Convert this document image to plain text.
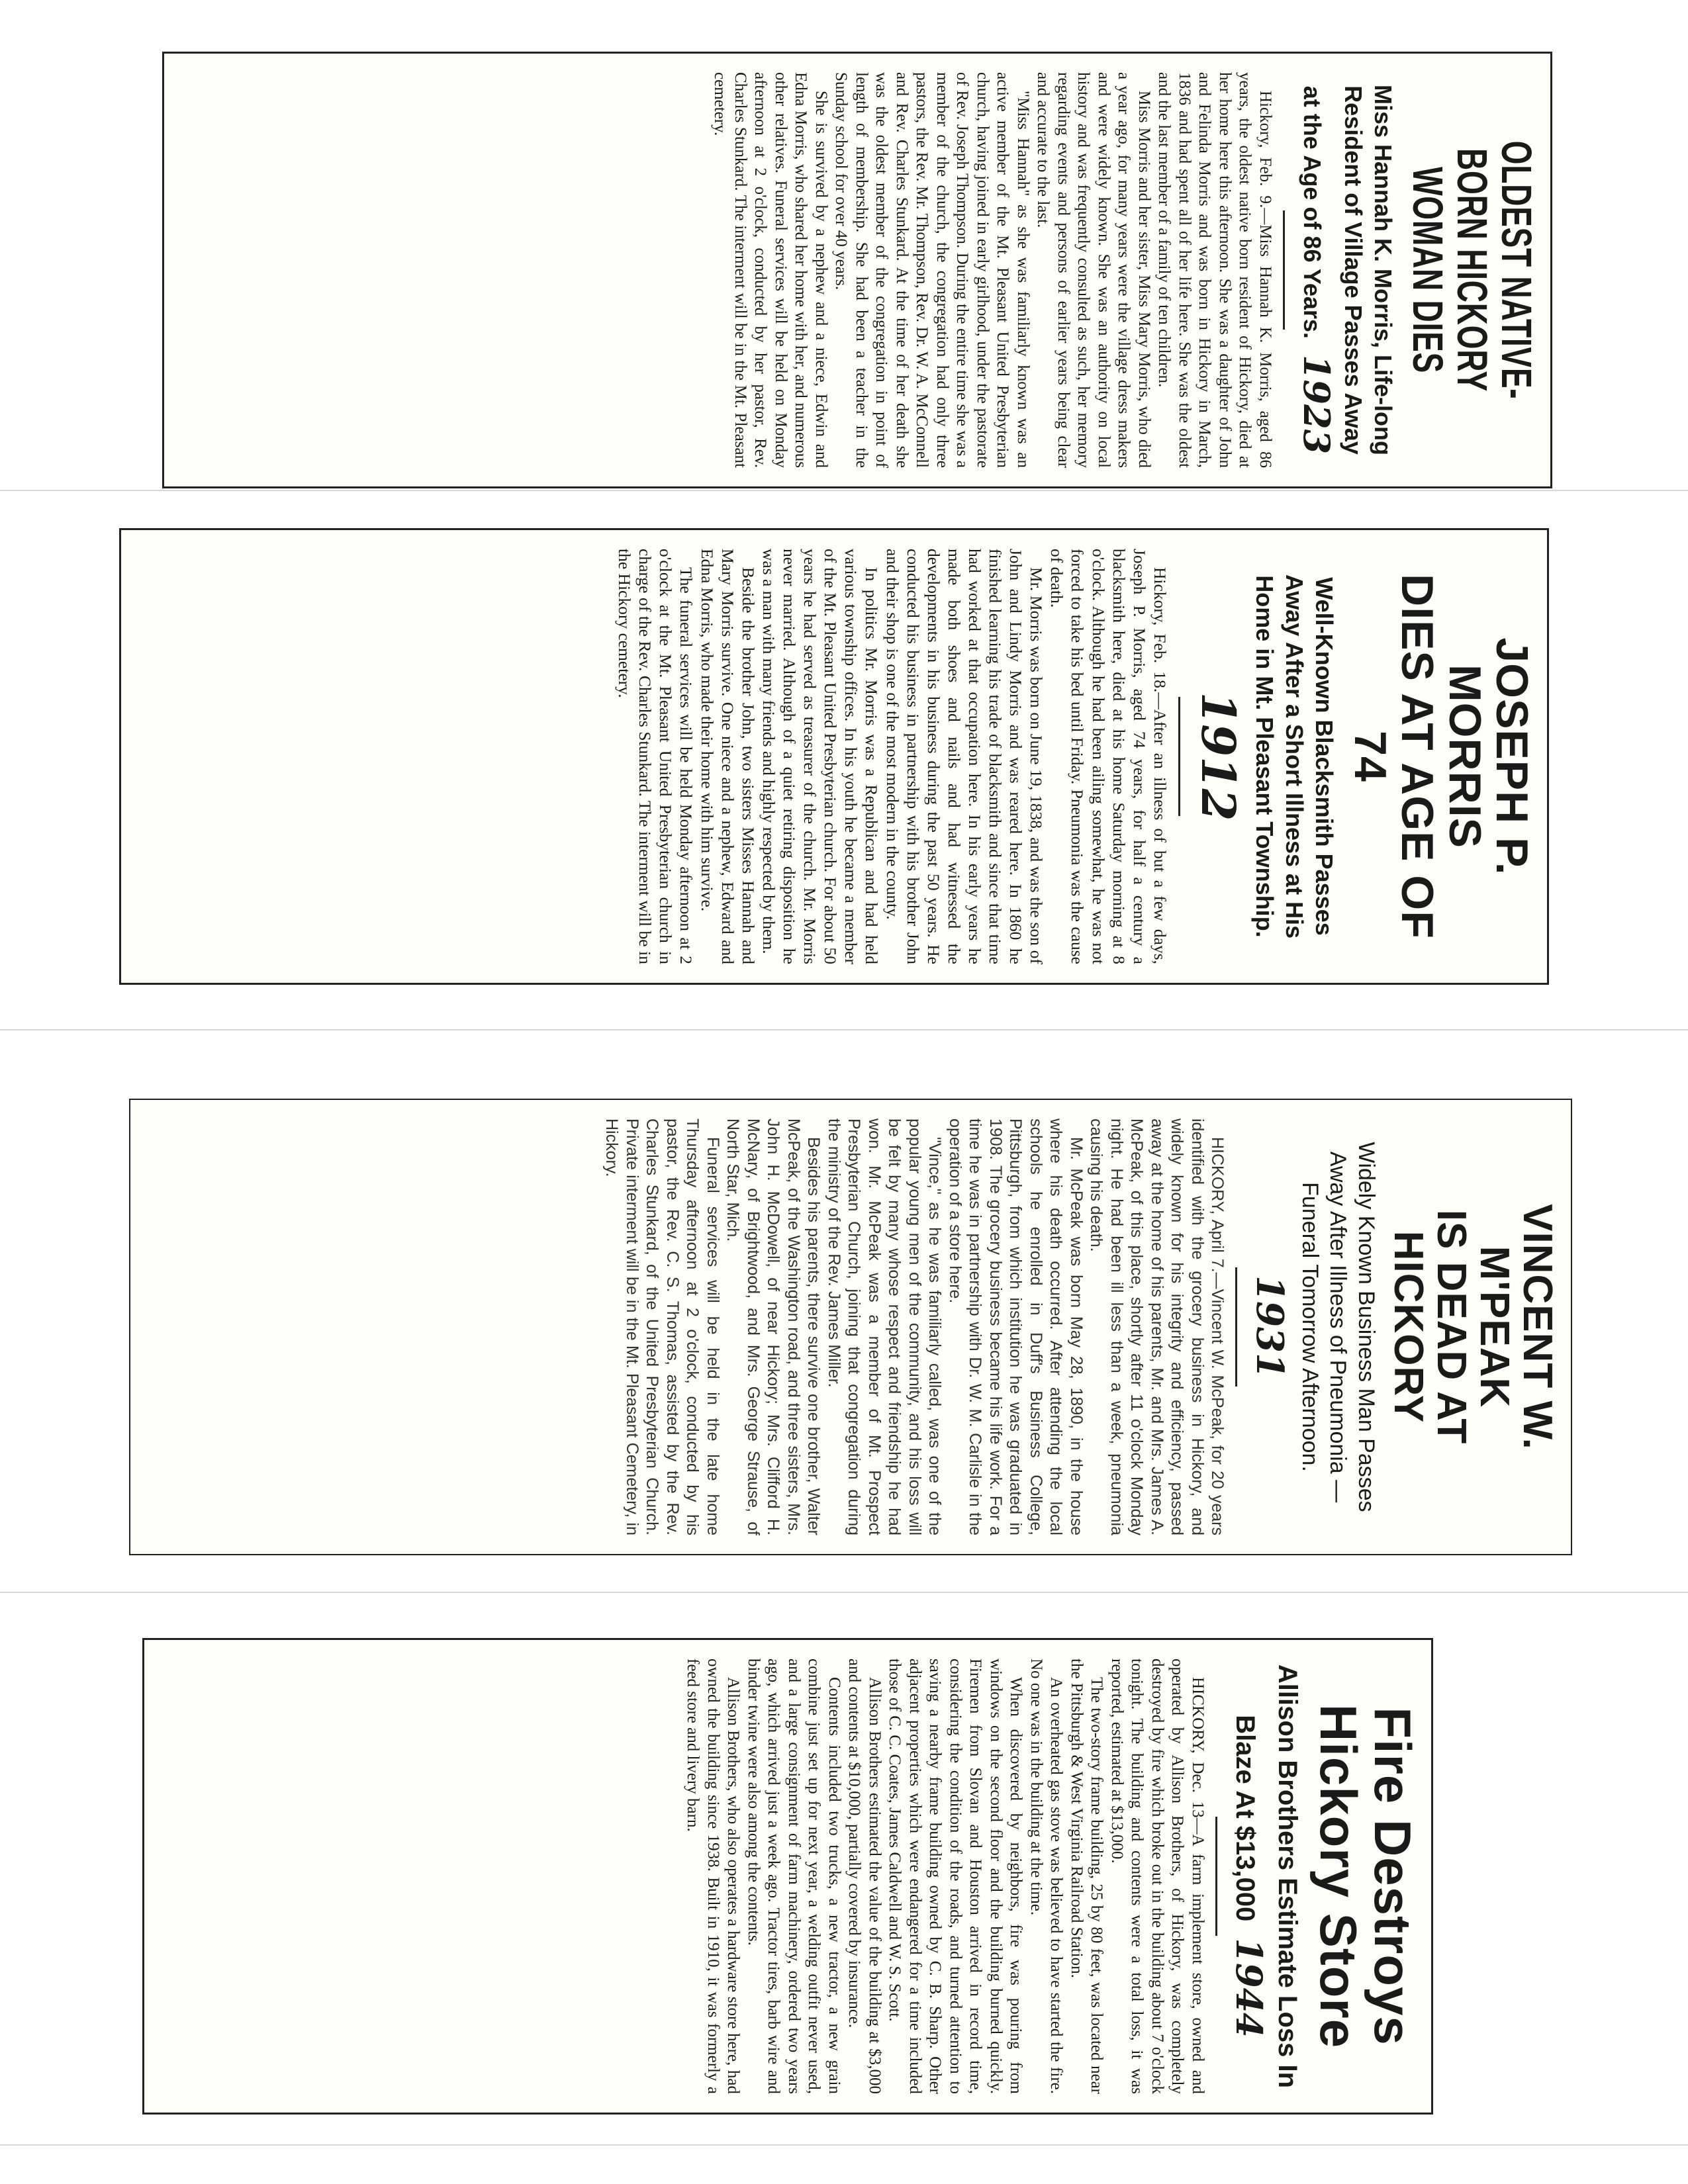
OLDEST NATIVE-BORN HICKORY WOMAN DIES
Miss Hannah K. Morris, Life-long Resident of Village Passes Away at the Age of 86 Years. 1923

Hickory, Feb. 9.—Miss Hannah K. Morris, aged 86 years, the oldest native born resident of Hickory, died at her home here this afternoon. She was a daughter of John and Felinda Morris and was born in Hickory in March, 1836 and had spent all of her life here. She was the oldest and the last member of a family of ten children.

Miss Morris and her sister, Miss Mary Morris, who died a year ago, for many years were the village dress makers and were widely known. She was an authority on local history and was frequently consulted as such, her memory regarding events and persons of earlier years being clear and accurate to the last.

"Miss Hannah" as she was familiarly known was an active member of the Mt. Pleasant United Presbyterian church, having joined in early girlhood, under the pastorate of Rev. Joseph Thompson. During the entire time she was a member of the church, the congregation had only three pastors, the Rev. Mr. Thompson, Rev. Dr. W. A. McConnell and Rev. Charles Stunkard. At the time of her death she was the oldest member of the congregation in point of length of membership. She had been a teacher in the Sunday school for over 40 years.

She is survived by a nephew and a niece, Edwin and Edna Morris, who shared her home with her, and numerous other relatives. Funeral services will be held on Monday afternoon at 2 o'clock, conducted by her pastor, Rev. Charles Stunkard. The interment will be in the Mt. Pleasant cemetery.

JOSEPH P. MORRIS
DIES AT AGE OF 74
Well-Known Blacksmith Passes Away After a Short Illness at His Home in Mt. Pleasant Township.
1912

Hickory, Feb. 18.—After an illness of but a few days, Joseph P. Morris, aged 74 years, for half a century a blacksmith here, died at his home Saturday morning at 8 o'clock. Although he had been ailing somewhat, he was not forced to take his bed until Friday. Pneumonia was the cause of death.

Mr. Morris was born on June 19, 1838, and was the son of John and Lindy Morris and was reared here. In 1860 he finished learning his trade of blacksmith and since that time had worked at that occupation here. In his early years he made both shoes and nails and had witnessed the developments in his business during the past 50 years. He conducted his business in partnership with his brother John and their shop is one of the most modern in the county.

In politics Mr. Morris was a Republican and had held various township offices. In his youth he became a member of the Mt. Pleasant United Presbyterian church. For about 50 years he had served as treasurer of the church. Mr. Morris never married. Although of a quiet retiring disposition he was a man with many friends and highly respected by them.

Beside the brother John, two sisters Misses Hannah and Mary Morris survive. One niece and a nephew, Edward and Edna Morris, who made their home with him survive.

The funeral services will be held Monday afternoon at 2 o'clock at the Mt. Pleasant United Presbyterian church in charge of the Rev. Charles Stunkard. The interment will be in the Hickory cemetery.

VINCENT W. M'PEAK
IS DEAD AT HICKORY
Widely Known Business Man Passes Away After Illness of Pneumonia — Funeral Tomorrow Afternoon.
1931

HICKORY, April 7.—Vincent W. McPeak, for 20 years identified with the grocery business in Hickory, and widely known for his integrity and efficiency, passed away at the home of his parents, Mr. and Mrs. James A. McPeak, of this place, shortly after 11 o'clock Monday night. He had been ill less than a week, pneumonia causing his death.

Mr. McPeak was born May 28, 1890, in the house where his death occurred. After attending the local schools he enrolled in Duff's Business College, Pittsburgh, from which institution he was graduated in 1908. The grocery business became his life work. For a time he was in partnership with Dr. W. M. Carlisle in the operation of a store here.

"Vince," as he was familiarly called, was one of the popular young men of the community, and his loss will be felt by many whose respect and friendship he had won. Mr. McPeak was a member of Mt. Prospect Presbyterian Church, joining that congregation during the ministry of the Rev. James Miller.

Besides his parents, there survive one brother, Walter McPeak, of the Washington road, and three sisters, Mrs. John H. McDowell, of near Hickory; Mrs. Clifford H. McNary, of Brightwood, and Mrs. George Strause, of North Star, Mich.

Funeral services will be held in the late home Thursday afternoon at 2 o'clock, conducted by his pastor, the Rev. C. S. Thomas, assisted by the Rev. Charles Stunkard, of the United Presbyterian Church. Private interment will be in the Mt. Pleasant Cemetery, in Hickory.

Fire Destroys
Hickory Store
Allison Brothers Estimate Loss In Blaze At $13,000 1944

HICKORY, Dec. 13—A farm implement store, owned and operated by Allison Brothers, of Hickory, was completely destroyed by fire which broke out in the building about 7 o'clock tonight. The building and contents were a total loss, it was reported, estimated at $13,000.

The two-story frame building, 25 by 80 feet, was located near the Pittsburgh & West Virginia Railroad Station.

An overheated gas stove was believed to have started the fire. No one was in the building at the time.

When discovered by neighbors, fire was pouring from windows on the second floor and the building burned quickly. Firemen from Slovan and Houston arrived in record time, considering the condition of the roads, and turned attention to saving a nearby frame building owned by C. B. Sharp. Other adjacent properties which were endangered for a time included those of C. C. Coates, James Caldwell and W. S. Scott.

Allison Brothers estimated the value of the building at $3,000 and contents at $10,000, partially covered by insurance.

Contents included two trucks, a new tractor, a new grain combine just set up for next year, a welding outfit never used, and a large consignment of farm machinery, ordered two years ago, which arrived just a week ago. Tractor tires, barb wire and binder twine were also among the contents.

Allison Brothers, who also operates a hardware store here, had owned the building since 1938. Built in 1910, it was formerly a feed store and livery barn.
